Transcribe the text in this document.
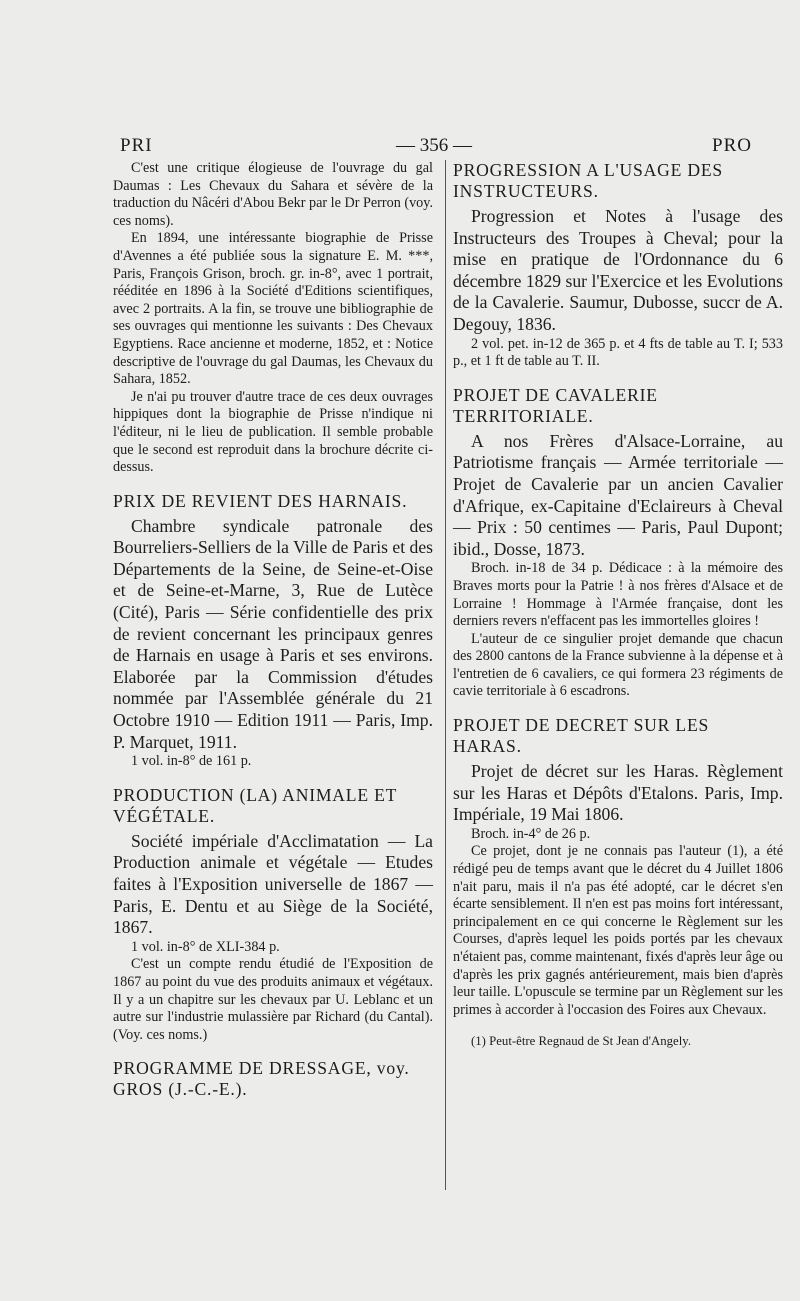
PRI	— 356 —	PRO

C'est une critique élogieuse de l'ouvrage du gal Daumas : Les Chevaux du Sahara et sévère de la traduction du Nâcéri d'Abou Bekr par le Dr Perron (voy. ces noms).

En 1894, une intéressante biographie de Prisse d'Avennes a été publiée sous la signature E. M. ***, Paris, François Grison, broch. gr. in-8°, avec 1 portrait, rééditée en 1896 à la Société d'Editions scientifiques, avec 2 portraits. A la fin, se trouve une bibliographie de ses ouvrages qui mentionne les suivants : Des Chevaux Egyptiens. Race ancienne et moderne, 1852, et : Notice descriptive de l'ouvrage du gal Daumas, les Chevaux du Sahara, 1852.

Je n'ai pu trouver d'autre trace de ces deux ouvrages hippiques dont la biographie de Prisse n'indique ni l'éditeur, ni le lieu de publication. Il semble probable que le second est reproduit dans la brochure décrite ci-dessus.

PRIX DE REVIENT DES HARNAIS.

Chambre syndicale patronale des Bourreliers-Selliers de la Ville de Paris et des Départements de la Seine, de Seine-et-Oise et de Seine-et-Marne, 3, Rue de Lutèce (Cité), Paris — Série confidentielle des prix de revient concernant les principaux genres de Harnais en usage à Paris et ses environs. Elaborée par la Commission d'études nommée par l'Assemblée générale du 21 Octobre 1910 — Edition 1911 — Paris, Imp. P. Marquet, 1911.

1 vol. in-8° de 161 p.

PRODUCTION (LA) ANIMALE ET VÉGÉTALE.

Société impériale d'Acclimatation — La Production animale et végétale — Etudes faites à l'Exposition universelle de 1867 — Paris, E. Dentu et au Siège de la Société, 1867.

1 vol. in-8° de XLI-384 p.

C'est un compte rendu étudié de l'Exposition de 1867 au point du vue des produits animaux et végétaux. Il y a un chapitre sur les chevaux par U. Leblanc et un autre sur l'industrie mulassière par Richard (du Cantal). (Voy. ces noms.)

PROGRAMME DE DRESSAGE, voy. GROS (J.-C.-E.).

PROGRESSION A L'USAGE DES INSTRUCTEURS.

Progression et Notes à l'usage des Instructeurs des Troupes à Cheval; pour la mise en pratique de l'Ordonnance du 6 décembre 1829 sur l'Exercice et les Evolutions de la Cavalerie. Saumur, Dubosse, succr de A. Degouy, 1836.

2 vol. pet. in-12 de 365 p. et 4 fts de table au T. I; 533 p., et 1 ft de table au T. II.

PROJET DE CAVALERIE TERRITORIALE.

A nos Frères d'Alsace-Lorraine, au Patriotisme français — Armée territoriale — Projet de Cavalerie par un ancien Cavalier d'Afrique, ex-Capitaine d'Eclaireurs à Cheval — Prix : 50 centimes — Paris, Paul Dupont; ibid., Dosse, 1873.

Broch. in-18 de 34 p. Dédicace : à la mémoire des Braves morts pour la Patrie ! à nos frères d'Alsace et de Lorraine ! Hommage à l'Armée française, dont les derniers revers n'effacent pas les immortelles gloires !

L'auteur de ce singulier projet demande que chacun des 2800 cantons de la France subvienne à la dépense et à l'entretien de 6 cavaliers, ce qui formera 23 régiments de cavie territoriale à 6 escadrons.

PROJET DE DECRET SUR LES HARAS.

Projet de décret sur les Haras. Règlement sur les Haras et Dépôts d'Etalons. Paris, Imp. Impériale, 19 Mai 1806.

Broch. in-4° de 26 p.

Ce projet, dont je ne connais pas l'auteur (1), a été rédigé peu de temps avant que le décret du 4 Juillet 1806 n'ait paru, mais il n'a pas été adopté, car le décret s'en écarte sensiblement. Il n'en est pas moins fort intéressant, principalement en ce qui concerne le Règlement sur les Courses, d'après lequel les poids portés par les chevaux n'étaient pas, comme maintenant, fixés d'après leur âge ou d'après les prix gagnés antérieurement, mais bien d'après leur taille. L'opuscule se termine par un Règlement sur les primes à accorder à l'occasion des Foires aux Chevaux.

(1) Peut-être Regnaud de St Jean d'Angely.
